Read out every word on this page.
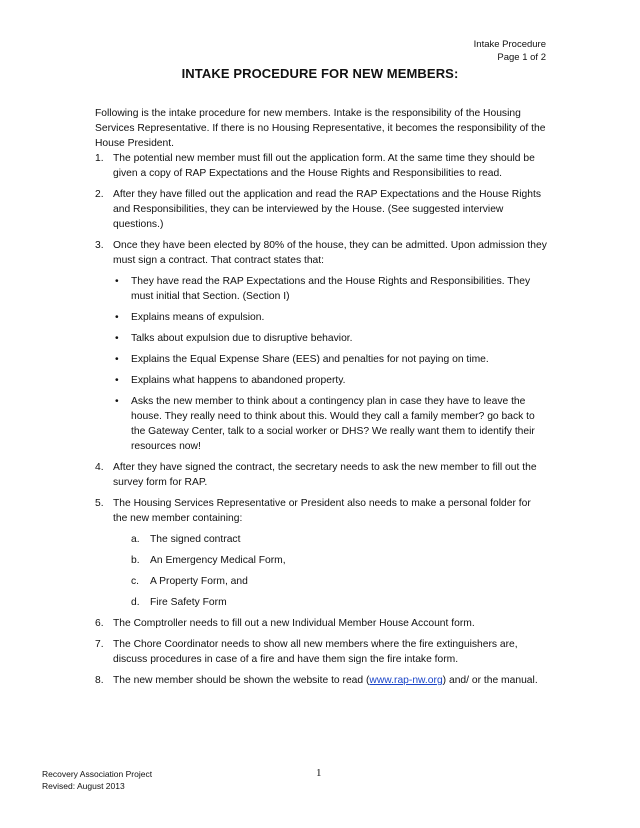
Intake Procedure
Page 1 of 2
INTAKE PROCEDURE FOR NEW MEMBERS:

Following is the intake procedure for new members. Intake is the responsibility of the Housing Services Representative. If there is no Housing Representative, it becomes the responsibility of the House President.

1. The potential new member must fill out the application form. At the same time they should be given a copy of RAP Expectations and the House Rights and Responsibilities to read.
2. After they have filled out the application and read the RAP Expectations and the House Rights and Responsibilities, they can be interviewed by the House. (See suggested interview questions.)
3. Once they have been elected by 80% of the house, they can be admitted. Upon admission they must sign a contract. That contract states that:
• They have read the RAP Expectations and the House Rights and Responsibilities. They must initial that Section. (Section I)
• Explains means of expulsion.
• Talks about expulsion due to disruptive behavior.
• Explains the Equal Expense Share (EES) and penalties for not paying on time.
• Explains what happens to abandoned property.
• Asks the new member to think about a contingency plan in case they have to leave the house. They really need to think about this. Would they call a family member? go back to the Gateway Center, talk to a social worker or DHS? We really want them to identify their resources now!
4. After they have signed the contract, the secretary needs to ask the new member to fill out the survey form for RAP.
5. The Housing Services Representative or President also needs to make a personal folder for the new member containing:
a. The signed contract
b. An Emergency Medical Form,
c. A Property Form, and
d. Fire Safety Form
6. The Comptroller needs to fill out a new Individual Member House Account form.
7. The Chore Coordinator needs to show all new members where the fire extinguishers are, discuss procedures in case of a fire and have them sign the fire intake form.
8. The new member should be shown the website to read (www.rap-nw.org) and/ or the manual.
Recovery Association Project
Revised: August 2013
1
